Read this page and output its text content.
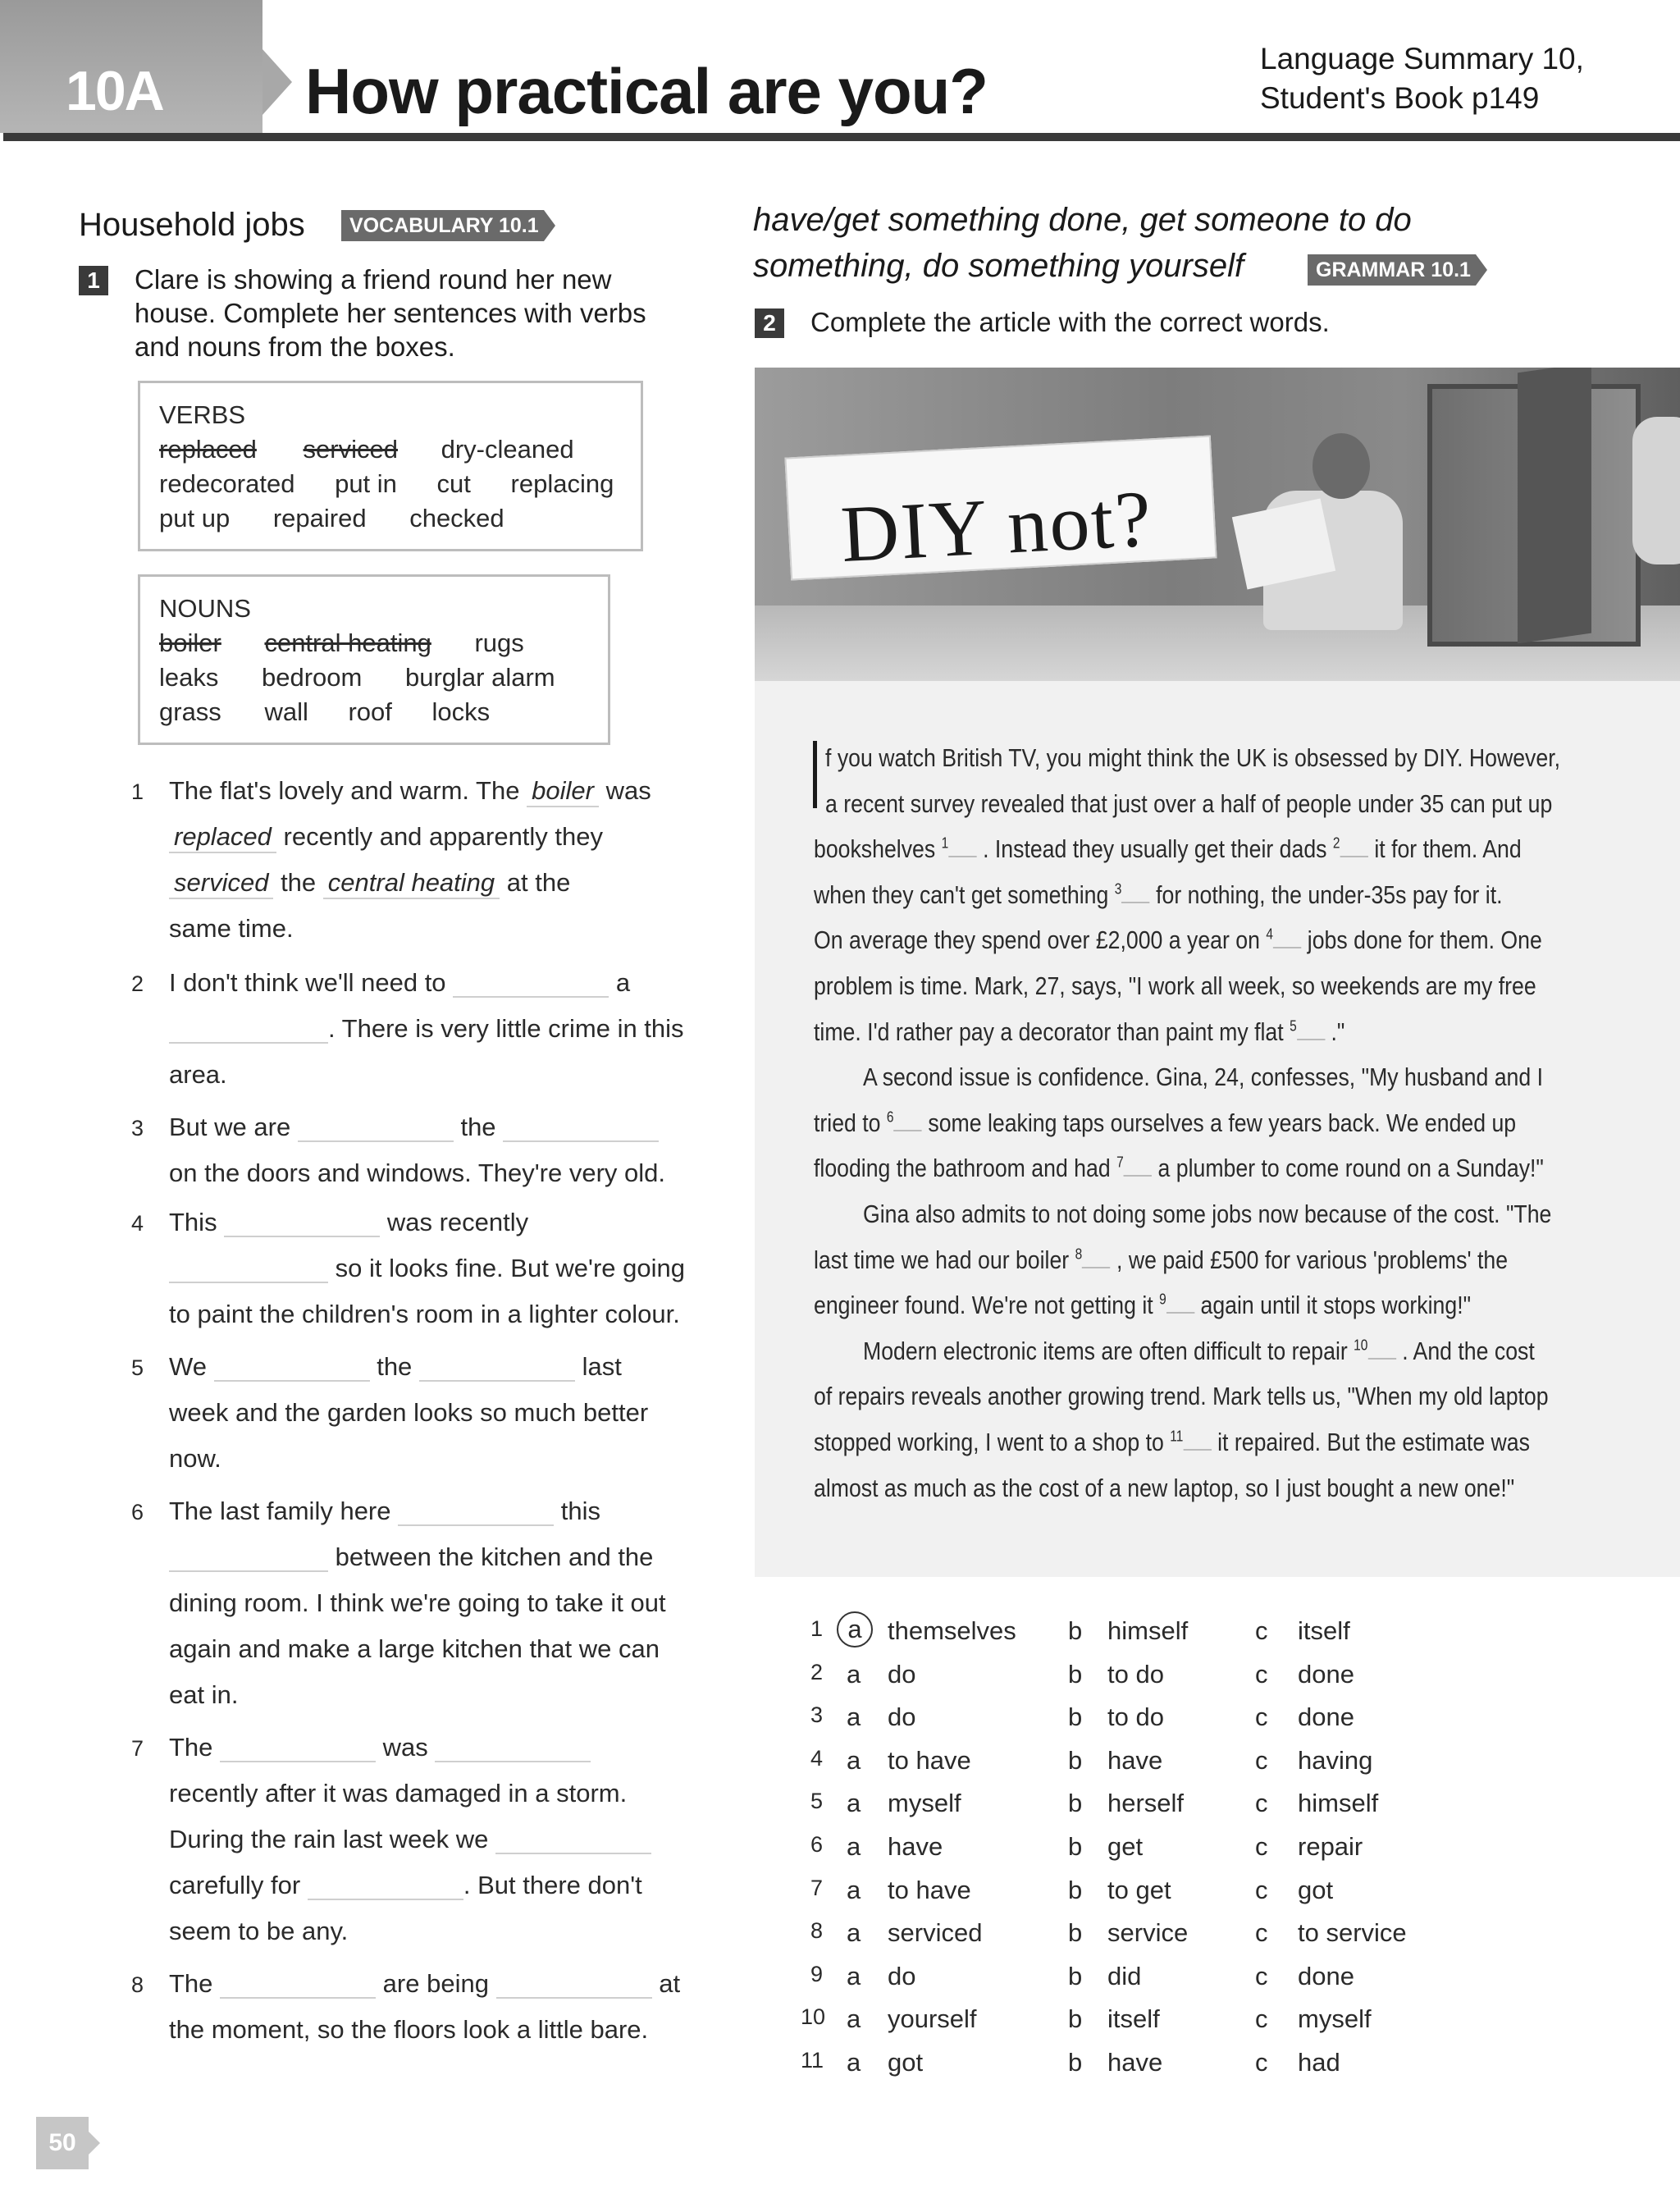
10A How practical are you?	Language Summary 10,
Student's Book p149
Household jobs	VOCABULARY 10.1
1	Clare is showing a friend round her new
house. Complete her sentences with verbs
and nouns from the boxes.
VERBS
replaced serviced dry-cleaned
redecorated put in cut replacing
put up repaired checked
NOUNS
boiler central heating rugs
leaks bedroom burglar alarm
grass wall roof locks
1 The flat's lovely and warm. The boiler was
replaced recently and apparently they
serviced the central heating at the
same time.
2 I don't think we'll need to	a
. There is very little crime in this
area.
3 But we are	the
on the doors and windows. They're very old.
4 This	was recently
so it looks fine. But we're going
to paint the children's room in a lighter colour.
5 We	the	last
week and the garden looks so much better
now.
6 The last family here	this
between the kitchen and the
dining room. I think we're going to take it out
again and make a large kitchen that we can
eat in.
7 The	was
recently after it was damaged in a storm.
During the rain last week we
carefully for	. But there don't
seem to be any.
8 The	are being	at
the moment, so the floors look a little bare.
have/get something done, get someone to do
something, do something yourself	GRAMMAR 10.1
2	Complete the article with the correct words.
DIY not?
f you watch British TV, you might think the UK is obsessed by DIY. However,
a recent survey revealed that just over a half of people under 35 can put up
bookshelves $^1$ . Instead they usually get their dads $^2$ it for them. And
when they can't get something $^3$ for nothing, the under-35s pay for it.
On average they spend over £2,000 a year on $^4$ jobs done for them. One
problem is time. Mark, 27, says, "I work all week, so weekends are my free
time. I'd rather pay a decorator than paint my flat $^5$ ."
A second issue is confidence. Gina, 24, confesses, "My husband and I
tried to $^6$ some leaking taps ourselves a few years back. We ended up
flooding the bathroom and had $^7$ a plumber to come round on a Sunday!"
Gina also admits to not doing some jobs now because of the cost. "The
last time we had our boiler $^8$ , we paid £500 for various 'problems' the
engineer found. We're not getting it $^9$ again until it stops working!"
Modern electronic items are often difficult to repair $^{10}$ . And the cost
of repairs reveals another growing trend. Mark tells us, "When my old laptop
stopped working, I went to a shop to $^{11}$ it repaired. But the estimate was
almost as much as the cost of a new laptop, so I just bought a new one!"
1 a	themselves b himself	c itself
2 a do	b to do	c done
3 a do	b to do	c done
4 a to have	b have	c having
5 a myself	b herself	c himself
6 a have	b get	c repair
7 a to have	b to get	c got
8 a serviced	b service	c to service
9 a do	b did	c done
10 a yourself	b itself	c myself
11 a got	b have	c had
50
